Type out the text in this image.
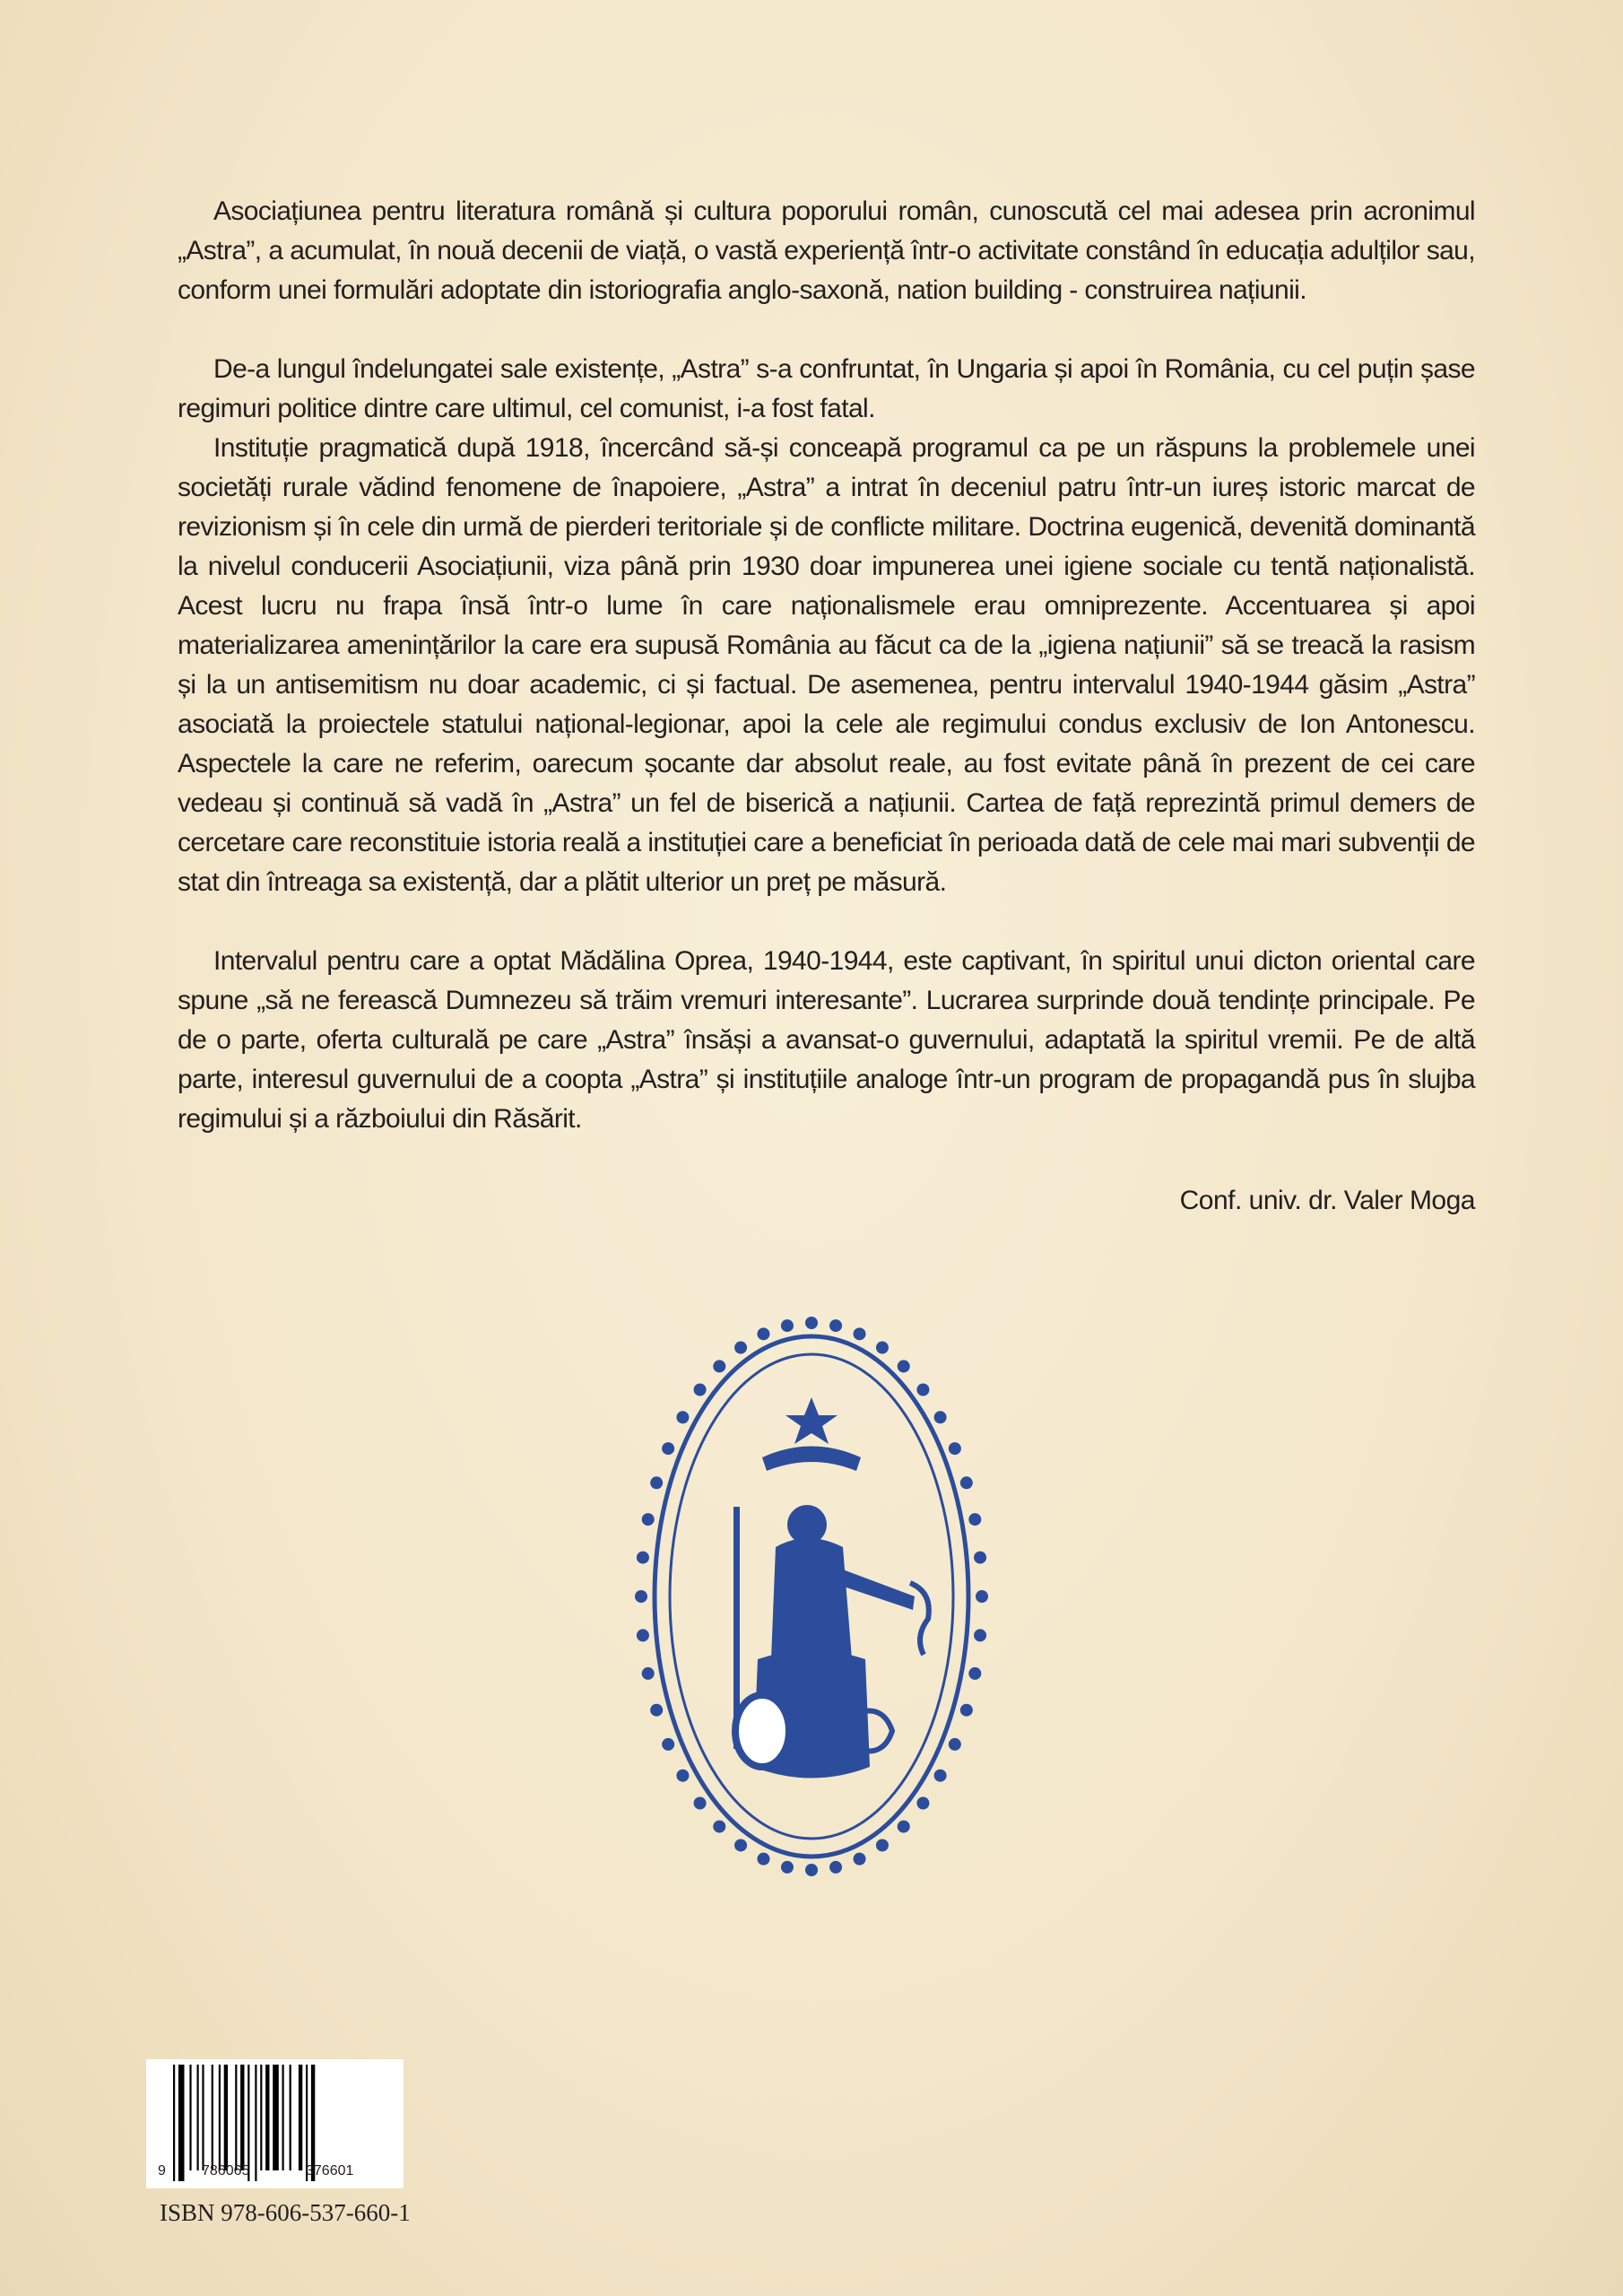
Asociațiunea pentru literatura română și cultura poporului român, cunoscută cel mai adesea prin acronimul „Astra”, a acumulat, în nouă decenii de viață, o vastă experiență într-o activitate constând în educația adulților sau, conform unei formulări adoptate din istoriografia anglo-saxonă, nation building - construirea națiunii.

De-a lungul îndelungatei sale existențe, „Astra” s-a confruntat, în Ungaria și apoi în România, cu cel puțin șase regimuri politice dintre care ultimul, cel comunist, i-a fost fatal.

Instituție pragmatică după 1918, încercând să-și conceapă programul ca pe un răspuns la problemele unei societăți rurale vădind fenomene de înapoiere, „Astra” a intrat în deceniul patru într-un iureș istoric marcat de revizionism și în cele din urmă de pierderi teritoriale și de conflicte militare. Doctrina eugenică, devenită dominantă la nivelul conducerii Asociațiunii, viza până prin 1930 doar impunerea unei igiene sociale cu tentă naționalistă. Acest lucru nu frapa însă într-o lume în care naționalismele erau omniprezente. Accentuarea și apoi materializarea amenințărilor la care era supusă România au făcut ca de la „igiena națiunii” să se treacă la rasism și la un antisemitism nu doar academic, ci și factual. De asemenea, pentru intervalul 1940-1944 găsim „Astra” asociată la proiectele statului național-legionar, apoi la cele ale regimului condus exclusiv de Ion Antonescu. Aspectele la care ne referim, oarecum șocante dar absolut reale, au fost evitate până în prezent de cei care vedeau și continuă să vadă în „Astra” un fel de biserică a națiunii. Cartea de față reprezintă primul demers de cercetare care reconstituie istoria reală a instituției care a beneficiat în perioada dată de cele mai mari subvenții de stat din întreaga sa existență, dar a plătit ulterior un preț pe măsură.

Intervalul pentru care a optat Mădălina Oprea, 1940-1944, este captivant, în spiritul unui dicton oriental care spune „să ne ferească Dumnezeu să trăim vremuri interesante”. Lucrarea surprinde două tendințe principale. Pe de o parte, oferta culturală pe care „Astra” însăși a avansat-o guvernului, adaptată la spiritul vremii. Pe de altă parte, interesul guvernului de a coopta „Astra” și instituțiile analoge într-un program de propagandă pus în slujba regimului și a războiului din Răsărit.

Conf. univ. dr. Valer Moga
9	786065	376601
ISBN 978-606-537-660-1
